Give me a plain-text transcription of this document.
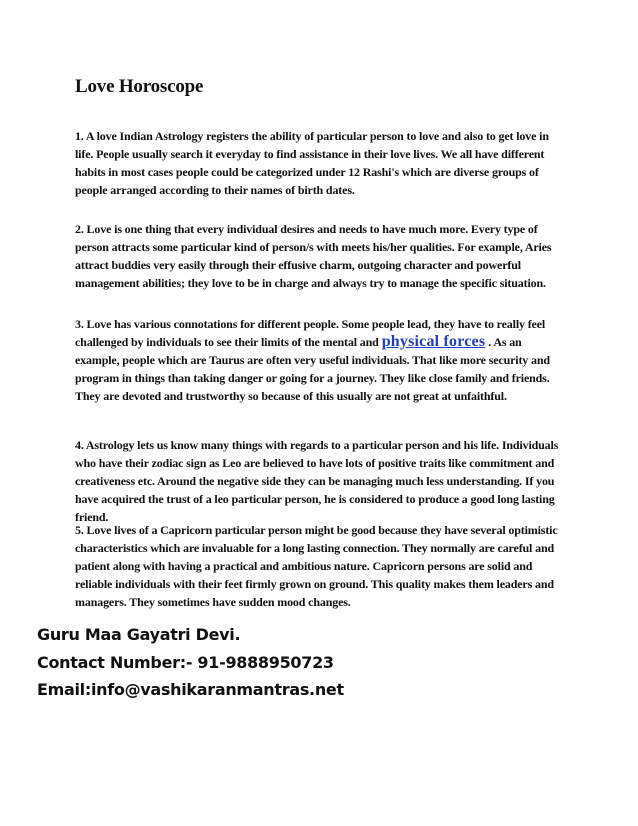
Love Horoscope

1. A love Indian Astrology registers the ability of particular person to love and also to get love in life. People usually search it everyday to find assistance in their love lives. We all have different habits in most cases people could be categorized under 12 Rashi's which are diverse groups of people arranged according to their names of birth dates.

2. Love is one thing that every individual desires and needs to have much more. Every type of person attracts some particular kind of person/s with meets his/her qualities. For example, Aries attract buddies very easily through their effusive charm, outgoing character and powerful management abilities; they love to be in charge and always try to manage the specific situation.

3. Love has various connotations for different people. Some people lead, they have to really feel challenged by individuals to see their limits of the mental and physical forces . As an example, people which are Taurus are often very useful individuals. That like more security and program in things than taking danger or going for a journey. They like close family and friends. They are devoted and trustworthy so because of this usually are not great at unfaithful.

4. Astrology lets us know many things with regards to a particular person and his life. Individuals who have their zodiac sign as Leo are believed to have lots of positive traits like commitment and creativeness etc. Around the negative side they can be managing much less understanding. If you have acquired the trust of a leo particular person, he is considered to produce a good long lasting friend.

5. Love lives of a Capricorn particular person might be good because they have several optimistic characteristics which are invaluable for a long lasting connection. They normally are careful and patient along with having a practical and ambitious nature. Capricorn persons are solid and reliable individuals with their feet firmly grown on ground. This quality makes them leaders and managers. They sometimes have sudden mood changes.

Guru Maa Gayatri Devi.
Contact Number:- 91-9888950723
Email:info@vashikaranmantras.net
